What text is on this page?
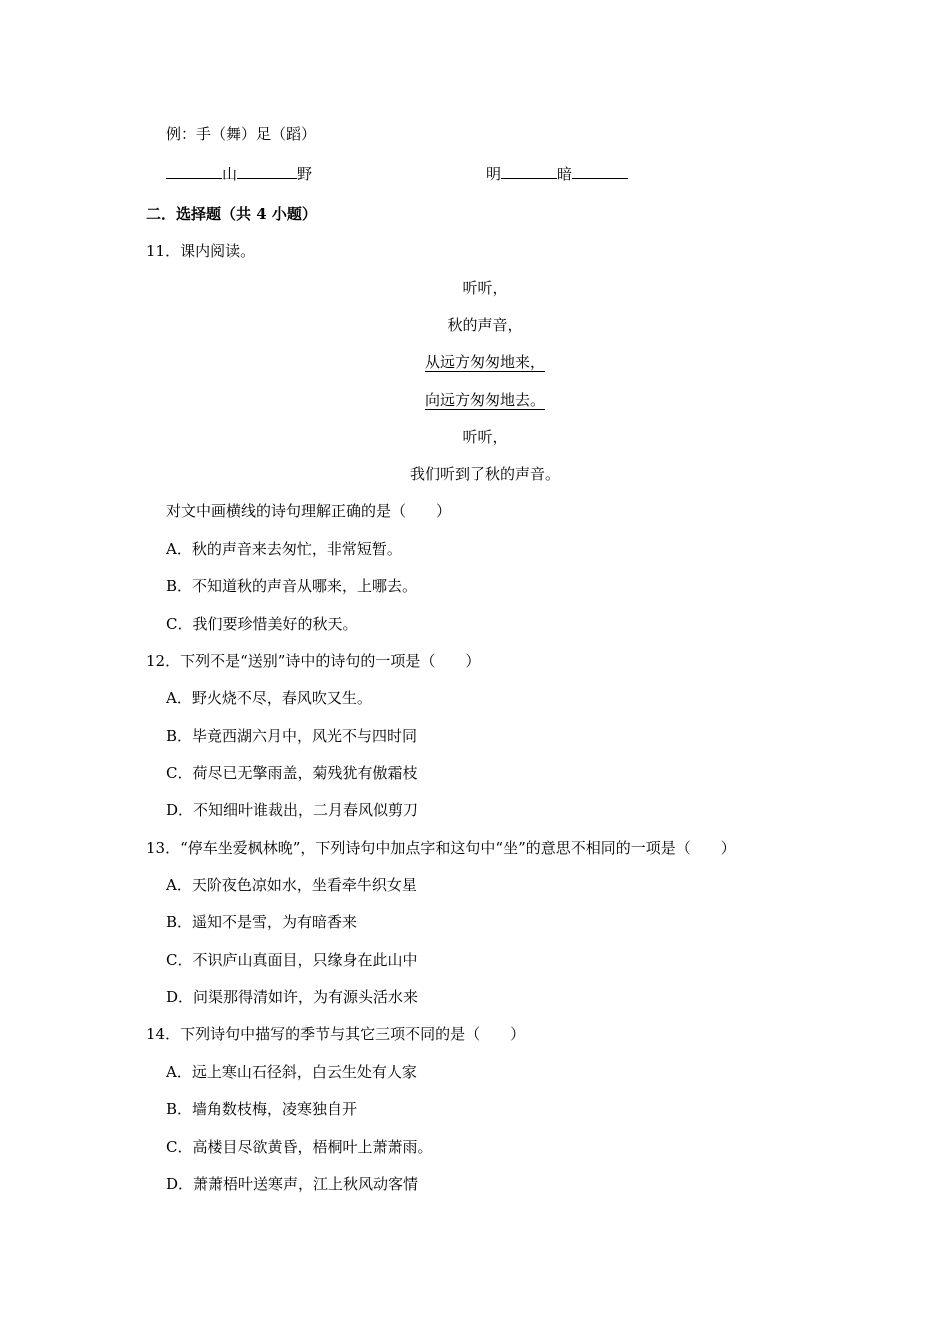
例：手（舞）足（蹈）
山	野	明	暗
二．选择题（共 4 小题）
11．课内阅读。
听听，
秋的声音，
从远方匆匆地来，
向远方匆匆地去。
听听，
我们听到了秋的声音。
对文中画横线的诗句理解正确的是（　　）
A．秋的声音来去匆忙，非常短暂。
B．不知道秋的声音从哪来，上哪去。
C．我们要珍惜美好的秋天。
12．下列不是“送别”诗中的诗句的一项是（　　）
A．野火烧不尽，春风吹又生。
B．毕竟西湖六月中，风光不与四时同
C．荷尽已无擎雨盖，菊残犹有傲霜枝
D．不知细叶谁裁出，二月春风似剪刀
13．“停车坐爱枫林晚”，下列诗句中加点字和这句中“坐”的意思不相同的一项是（　　）
A．天阶夜色凉如水，坐看牵牛织女星
B．遥知不是雪，为有暗香来
C．不识庐山真面目，只缘身在此山中
D．问渠那得清如许，为有源头活水来
14．下列诗句中描写的季节与其它三项不同的是（　　）
A．远上寒山石径斜，白云生处有人家
B．墙角数枝梅，凌寒独自开
C．高楼目尽欲黄昏，梧桐叶上萧萧雨。
D．萧萧梧叶送寒声，江上秋风动客情
